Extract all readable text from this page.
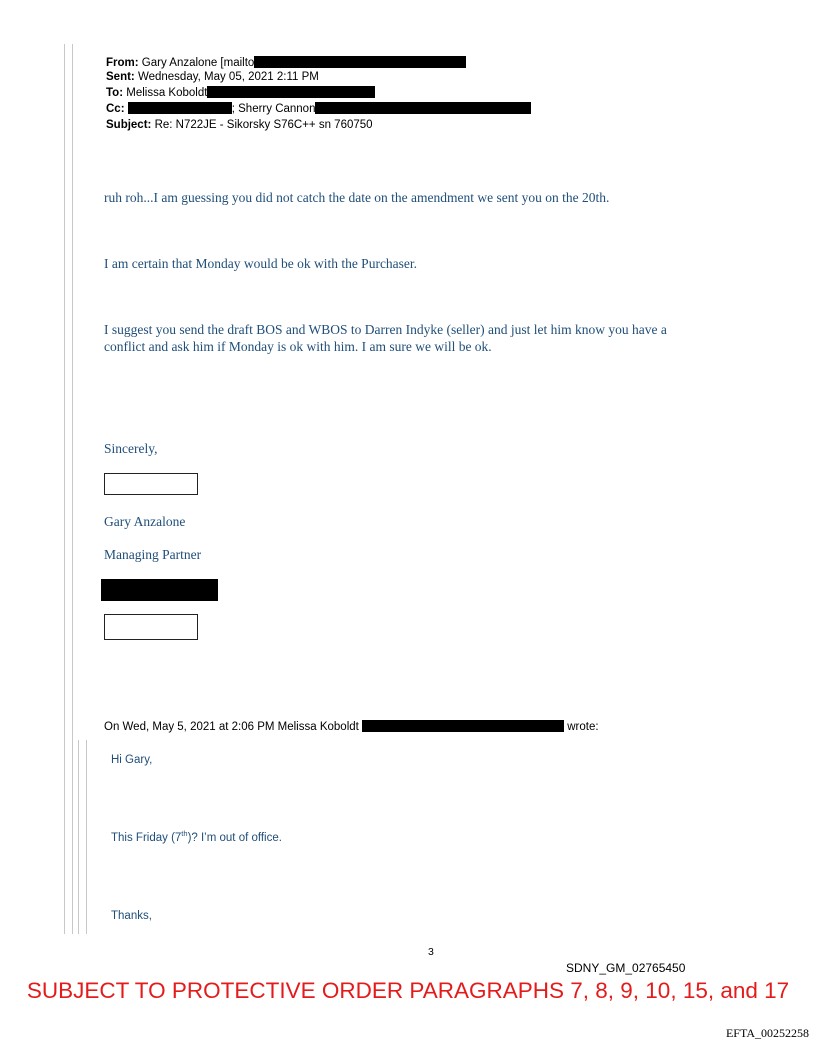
From: Gary Anzalone [mailto
Sent: Wednesday, May 05, 2021 2:11 PM
To: Melissa Koboldt
Cc:	; Sherry Cannon
Subject: Re: N722JE - Sikorsky S76C++ sn 760750
ruh roh...I am guessing you did not catch the date on the amendment we sent you on the 20th.
I am certain that Monday would be ok with the Purchaser.
I suggest you send the draft BOS and WBOS to Darren Indyke (seller) and just let him know you have a
conflict and ask him if Monday is ok with him. I am sure we will be ok.
Sincerely,
Gary Anzalone
Managing Partner
On Wed, May 5, 2021 at 2:06 PM Melissa Koboldt	wrote:
Hi Gary,
This Friday (7th)? I’m out of office.
Thanks,
3
SDNY_GM_02765450
SUBJECT TO PROTECTIVE ORDER PARAGRAPHS 7, 8, 9, 10, 15, and 17
EFTA_00252258
